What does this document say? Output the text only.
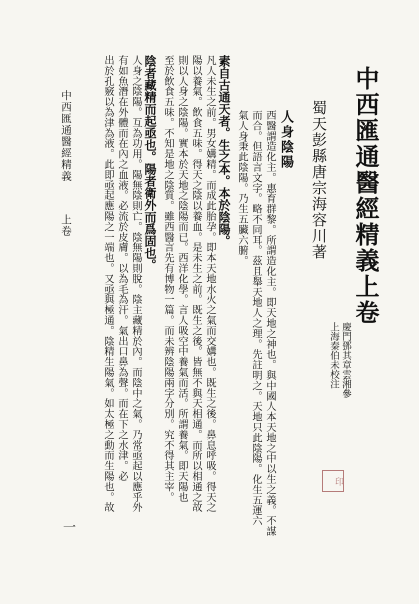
中西匯通醫經精義上卷
慶門鄧其章雲湘參
上海秦伯未校注
印
蜀天彭縣唐宗海容川著
人身陰陽
西醫謂造化主。惠育群黎。所謂造化主。即天地之神也。與中國人本天地之中以生之義。不謀
而合。但語言文字。略不同耳。茲且舉天地人之理。先註明之。天地只此陰陽。化生五運六
氣人身秉此陰陽。乃生五臟六腑。
素自古通天者。生之本。本於陰陽。
凡人未生之前。男女媾精。而成此胎孕。即本天地水火之氣而交媾也。既生之後。鼻息呼吸。得天之
陽以養氣。飲食五味。得天之陰以養血。是未生之前。既生之後。皆無不與天相通。而所以相通之故
則以人身之陰陽。實本於天地之陰陽而已。西洋化學。言人吸空中養氣而活。所謂養氣。即天陽也
至於飲食五味。不知是地之陰質。雖西醫言先有博物一篇。而未辨陰陽兩字分別。究不得其主宰。
陰者藏精而起亟也。陽者衛外而爲固也。
人身之陰陽。互為功用。陽無陰則亡。陰無陽則脫。陰主藏精於內。而陰中之氣。乃常亟起以應乎外
有如魚潛在外體而在內之血液。必流於皮膚。以為毛為汗。氣出口鼻為聲。而在下之水津。必
出於孔竅以為津為液。此即亟起應陽之一端也。又亟與極通。陰精生陽氣。如太極之動而生陽也。故
中西匯通醫經精義
上卷
一
